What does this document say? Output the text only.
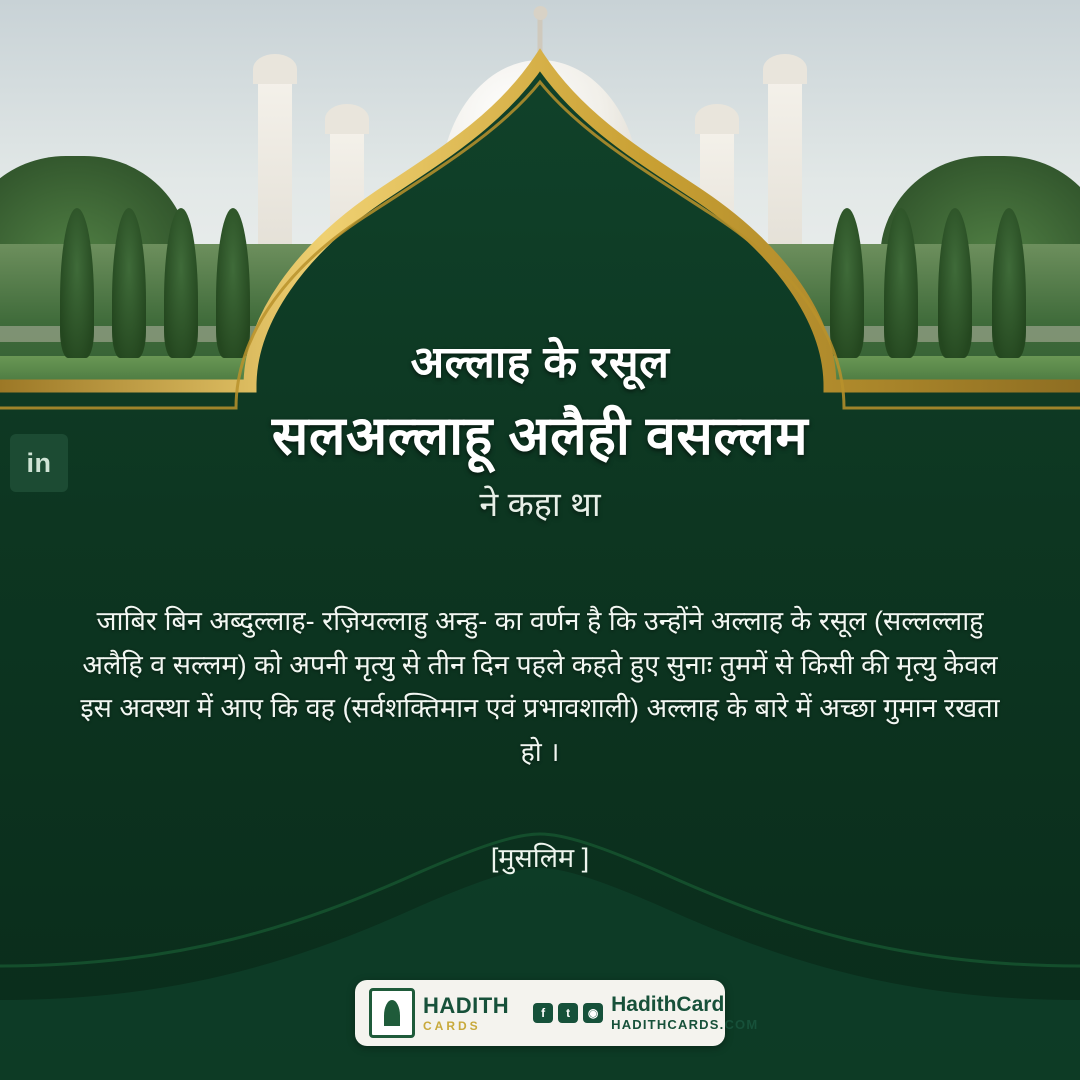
in
अल्लाह के रसूल
सलअल्लाहू अलैही वसल्लम
ने कहा था
जाबिर बिन अब्दुल्लाह- रज़ियल्लाहु अन्हु- का वर्णन है कि उन्होंने अल्लाह के रसूल (सल्लल्लाहु अलैहि व सल्लम) को अपनी मृत्यु से तीन दिन पहले कहते हुए सुनाः तुममें से किसी की मृत्यु केवल इस अवस्था में आए कि वह (सर्वशक्तिमान एवं प्रभावशाली) अल्लाह के बारे में अच्छा गुमान रखता हो ।
[मुसलिम ]
HADITH
CARDS
f	t	◉ HadithCard
HADITHCARDS.COM
